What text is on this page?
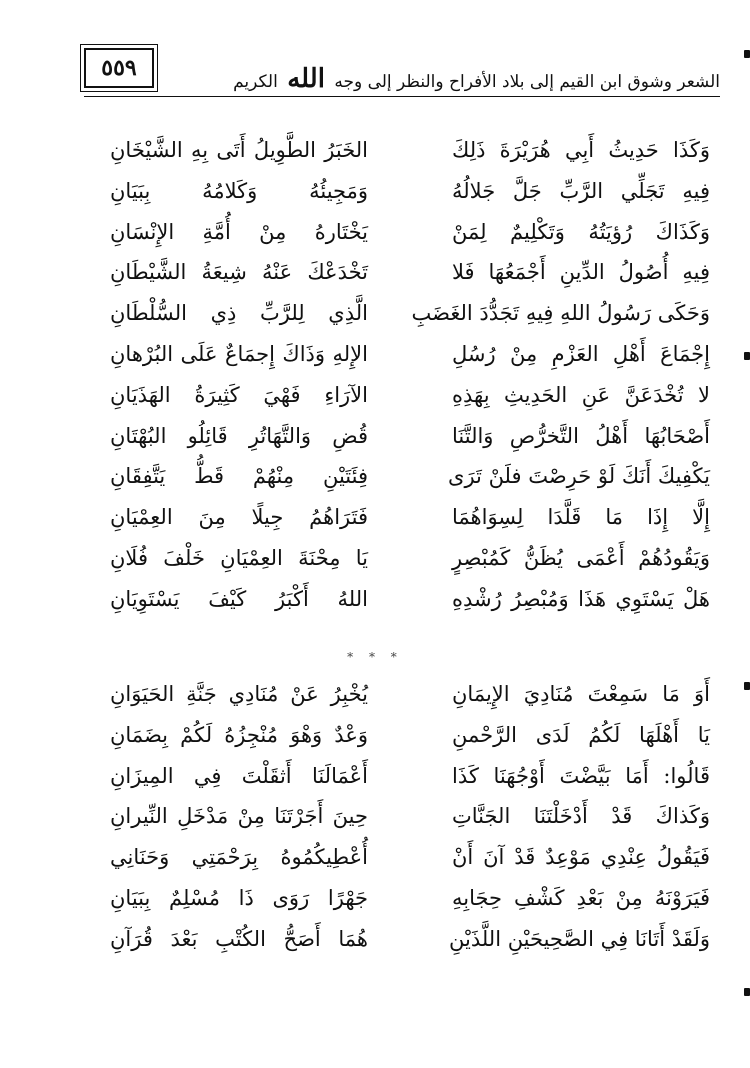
الشعر وشوق ابن القيم إلى بلاد الأفراح والنظر إلى وجه الله الكريم
٥٥٩
وَكَذَا حَدِيثُ أَبِي هُرَيْرَةَ ذَلِكَ
الخَبَرُ الطَّوِيلُ أَتَى بِهِ الشَّيْخَانِ
فِيهِ تَجَلِّي الرَّبِّ جَلَّ جَلالُهُ
وَمَجِيئُهُ وَكَلامُهُ بِبَيَانِ
وَكَذَاكَ رُؤيَتُهُ وَتَكْلِيمٌ لِمَنْ
يَخْتَارهُ مِنْ أُمَّةِ الإِنْسَانِ
فِيهِ أُصُولُ الدِّينِ أَجْمَعُهَا فَلا
تَخْدَعْكَ عَنْهُ شِيعَةُ الشَّيْطَانِ
وَحَكَى رَسُولُ اللهِ فِيهِ تَجَدُّدَ الغَضَبِ
الَّذِي لِلرَّبِّ ذِي السُّلْطَانِ
إِجْمَاعَ أَهْلِ العَزْمِ مِنْ رُسُلِ
الإِلهِ وَذَاكَ إِجمَاعٌ عَلَى البُرْهانِ
لا تُخْدَعَنَّ عَنِ الحَدِيثِ بِهَذِهِ
الآرَاءِ فَهْيَ كَثِيرَةُ الهَذَيَانِ
أَصْحَابُهَا أَهْلُ التَّخرُّصِ وَالتَّنَا
قُضِ وَالتَّهَاتُرِ قَائِلُو البُهْتَانِ
يَكْفِيكَ أَنَكَ لَوْ حَرِصْتَ فلَنْ تَرَى
فِئَتَيْنِ مِنْهُمْ قَطُّ يَتَّفِقَانِ
إِلَّا إِذَا مَا قَلَّدَا لِسِوَاهُمَا
فَتَرَاهُمُ جِيلًا مِنَ العِمْيَانِ
وَيَقُودُهُمْ أَعْمَى يُظَنُّ كَمُبْصِرٍ
يَا مِحْنَةَ العِمْيَانِ خَلْفَ فُلَانِ
هَلْ يَسْتَوِي هَذَا وَمُبْصِرُ رُشْدِهِ
اللهُ أَكْبَرُ كَيْفَ يَسْتَوِيَانِ
* * *
أَوَ مَا سَمِعْتَ مُنَادِيَ الإِيمَانِ
يُخْبِرُ عَنْ مُنَادِي جَنَّةِ الحَيَوَانِ
يَا أَهْلَهَا لَكُمُ لَدَى الرَّحْمنِ
وَعْدٌ وَهْوَ مُنْجِزُهُ لَكُمْ بِضَمَانِ
قَالُوا: أَمَا بَيَّضْتَ أَوْجُهَنَا كَذَا
أَعْمَالَنَا أَثقَلْتَ فِي المِيزَانِ
وَكَذاكَ قَدْ أَدْخَلْتَنَا الجَنَّاتِ
حِينَ أَجَرْتَنَا مِنْ مَدْخَلِ النِّيرانِ
فَيَقُولُ عِنْدِي مَوْعِدٌ قَدْ آنَ أَنْ
أُعْطِيكُمُوهُ بِرَحْمَتِي وَحَنَانِي
فَيَرَوْنَهُ مِنْ بَعْدِ كَشْفِ حِجَابِهِ
جَهْرًا رَوَى ذَا مُسْلِمٌ بِبَيَانِ
وَلَقَدْ أَتَانَا فِي الصَّحِيحَيْنِ اللَّذَيْنِ
هُمَا أَصَحُّ الكُتْبِ بَعْدَ قُرَآنِ
